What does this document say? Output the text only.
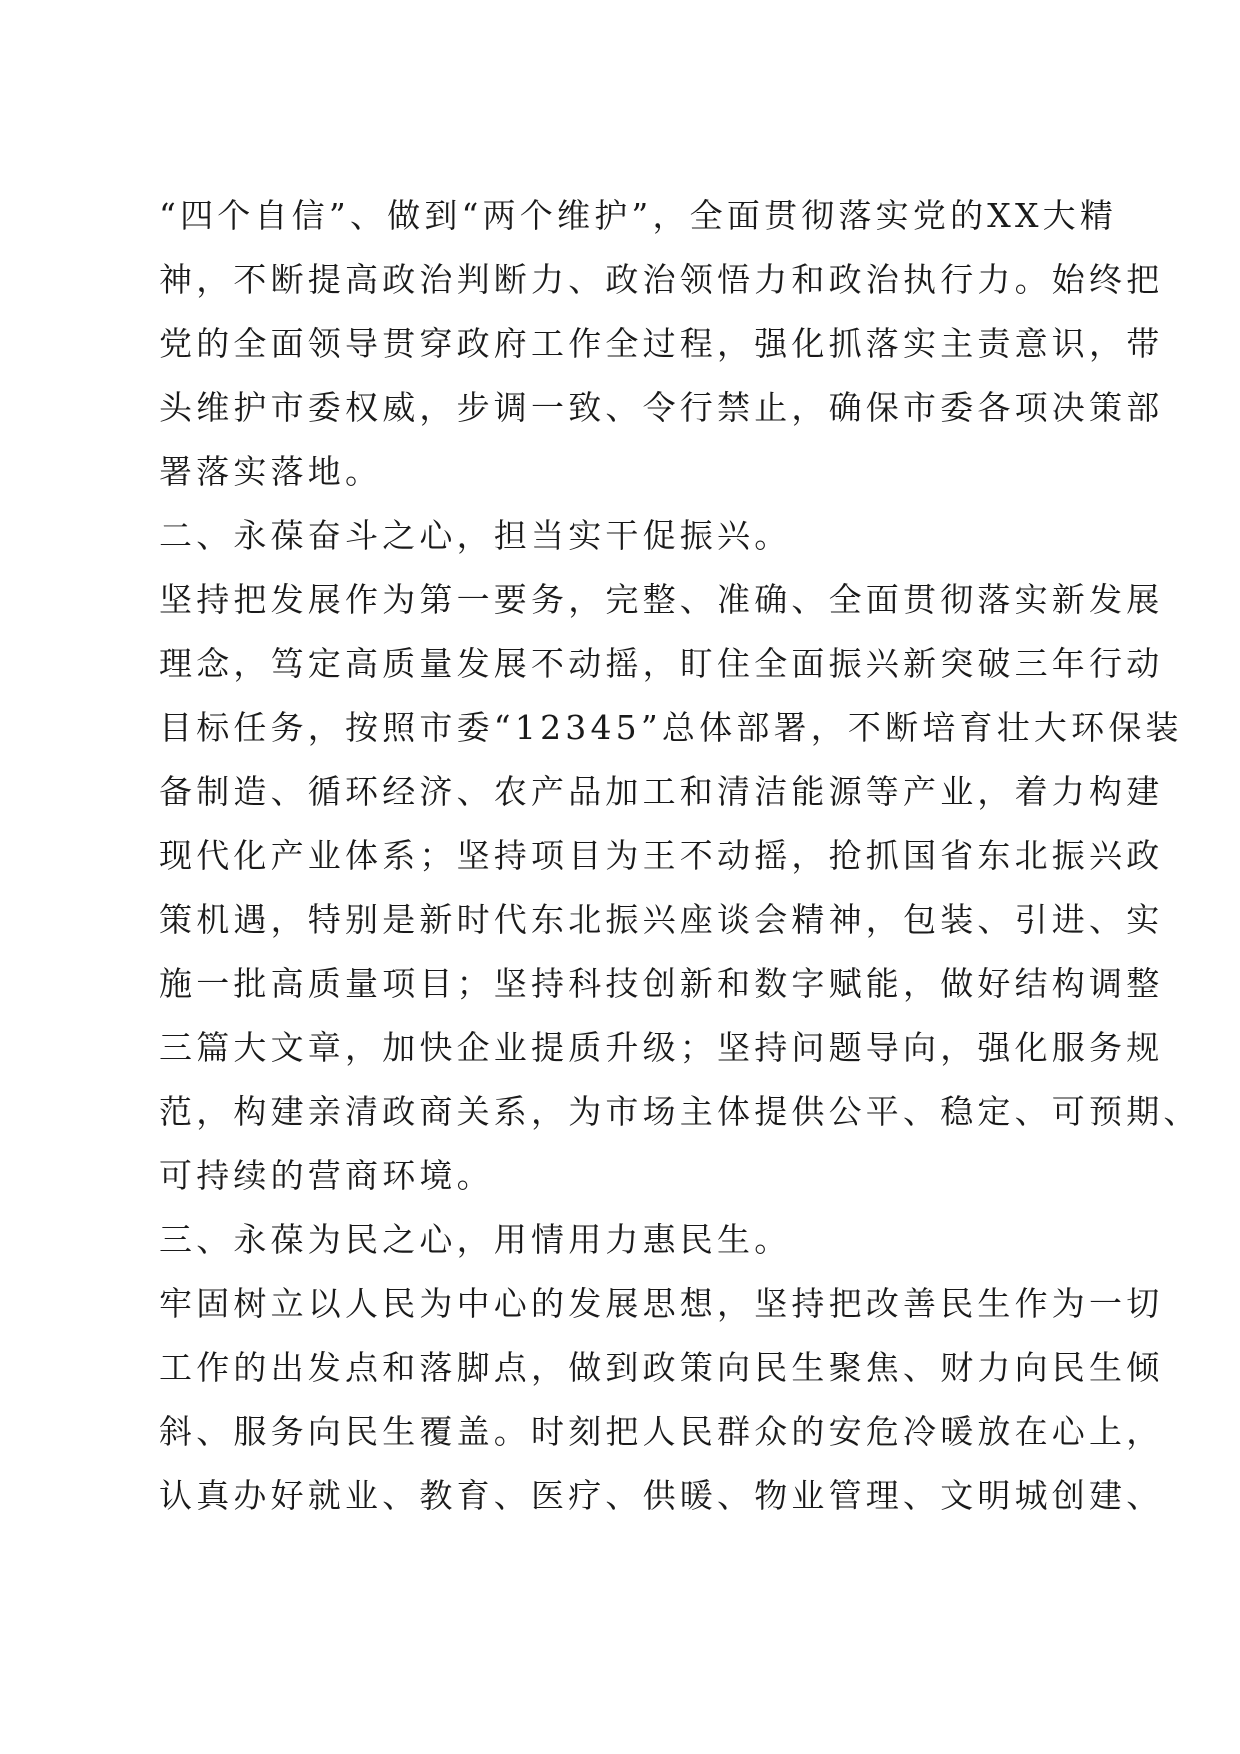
“四个自信”、做到“两个维护”，全面贯彻落实党的XX大精
神，不断提高政治判断力、政治领悟力和政治执行力。始终把
党的全面领导贯穿政府工作全过程，强化抓落实主责意识，带
头维护市委权威，步调一致、令行禁止，确保市委各项决策部
署落实落地。
二、永葆奋斗之心，担当实干促振兴。
坚持把发展作为第一要务，完整、准确、全面贯彻落实新发展
理念，笃定高质量发展不动摇，盯住全面振兴新突破三年行动
目标任务，按照市委“12345”总体部署，不断培育壮大环保装
备制造、循环经济、农产品加工和清洁能源等产业，着力构建
现代化产业体系；坚持项目为王不动摇，抢抓国省东北振兴政
策机遇，特别是新时代东北振兴座谈会精神，包装、引进、实
施一批高质量项目；坚持科技创新和数字赋能，做好结构调整
三篇大文章，加快企业提质升级；坚持问题导向，强化服务规
范，构建亲清政商关系，为市场主体提供公平、稳定、可预期、
可持续的营商环境。
三、永葆为民之心，用情用力惠民生。
牢固树立以人民为中心的发展思想，坚持把改善民生作为一切
工作的出发点和落脚点，做到政策向民生聚焦、财力向民生倾
斜、服务向民生覆盖。时刻把人民群众的安危冷暖放在心上，
认真办好就业、教育、医疗、供暖、物业管理、文明城创建、
